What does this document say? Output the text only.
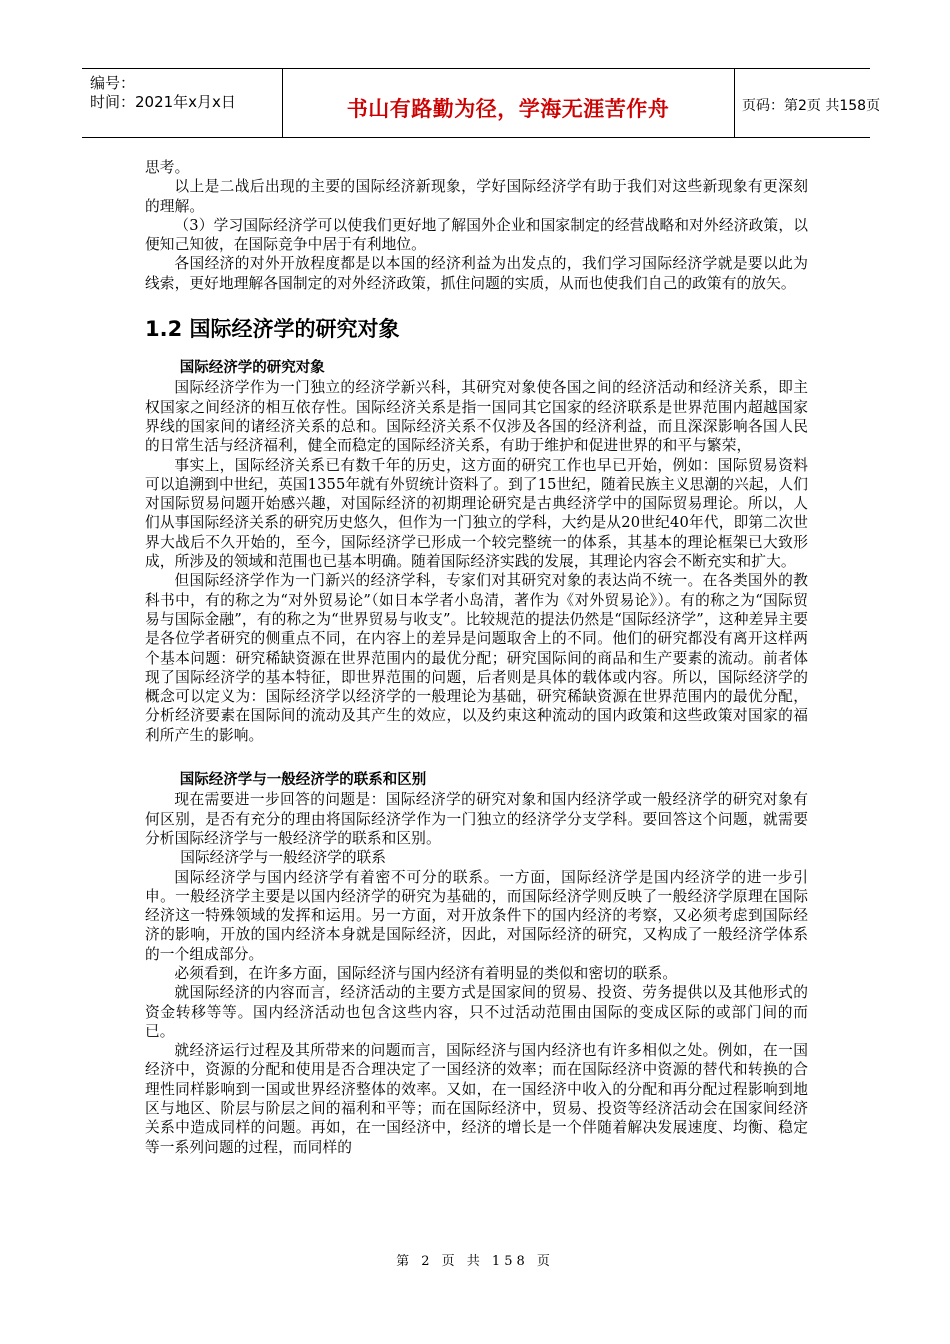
编号：
时间：2021年x月x日	书山有路勤为径，学海无涯苦作舟	页码：第2页 共158页

思考。

以上是二战后出现的主要的国际经济新现象，学好国际经济学有助于我们对这些新现象有更深刻的理解。

（3）学习国际经济学可以使我们更好地了解国外企业和国家制定的经营战略和对外经济政策，以便知己知彼，在国际竞争中居于有利地位。

各国经济的对外开放程度都是以本国的经济利益为出发点的，我们学习国际经济学就是要以此为线索，更好地理解各国制定的对外经济政策，抓住问题的实质，从而也使我们自己的政策有的放矢。

1.2 国际经济学的研究对象
国际经济学的研究对象

国际经济学作为一门独立的经济学新兴科，其研究对象使各国之间的经济活动和经济关系，即主权国家之间经济的相互依存性。国际经济关系是指一国同其它国家的经济联系是世界范围内超越国家界线的国家间的诸经济关系的总和。国际经济关系不仅涉及各国的经济利益，而且深深影响各国人民的日常生活与经济福利，健全而稳定的国际经济关系，有助于维护和促进世界的和平与繁荣，

事实上，国际经济关系已有数千年的历史，这方面的研究工作也早已开始，例如：国际贸易资料可以追溯到中世纪，英国1355年就有外贸统计资料了。到了15世纪，随着民族主义思潮的兴起，人们对国际贸易问题开始感兴趣，对国际经济的初期理论研究是古典经济学中的国际贸易理论。所以，人们从事国际经济关系的研究历史悠久，但作为一门独立的学科，大约是从20世纪40年代，即第二次世界大战后不久开始的，至今，国际经济学已形成一个较完整统一的体系，其基本的理论框架已大致形成，所涉及的领域和范围也已基本明确。随着国际经济实践的发展，其理论内容会不断充实和扩大。

但国际经济学作为一门新兴的经济学科，专家们对其研究对象的表达尚不统一。在各类国外的教科书中，有的称之为“对外贸易论”（如日本学者小岛清，著作为《对外贸易论》）。有的称之为“国际贸易与国际金融”，有的称之为“世界贸易与收支”。比较规范的提法仍然是“国际经济学”，这种差异主要是各位学者研究的侧重点不同，在内容上的差异是问题取舍上的不同。他们的研究都没有离开这样两个基本问题：研究稀缺资源在世界范围内的最优分配；研究国际间的商品和生产要素的流动。前者体现了国际经济学的基本特征，即世界范围的问题，后者则是具体的载体或内容。所以，国际经济学的概念可以定义为：国际经济学以经济学的一般理论为基础，研究稀缺资源在世界范围内的最优分配，分析经济要素在国际间的流动及其产生的效应，以及约束这种流动的国内政策和这些政策对国家的福利所产生的影响。

国际经济学与一般经济学的联系和区别

现在需要进一步回答的问题是：国际经济学的研究对象和国内经济学或一般经济学的研究对象有何区别，是否有充分的理由将国际经济学作为一门独立的经济学分支学科。要回答这个问题，就需要分析国际经济学与一般经济学的联系和区别。

国际经济学与一般经济学的联系

国际经济学与国内经济学有着密不可分的联系。一方面，国际经济学是国内经济学的进一步引申。一般经济学主要是以国内经济学的研究为基础的，而国际经济学则反映了一般经济学原理在国际经济这一特殊领域的发挥和运用。另一方面，对开放条件下的国内经济的考察，又必须考虑到国际经济的影响，开放的国内经济本身就是国际经济，因此，对国际经济的研究，又构成了一般经济学体系的一个组成部分。

必须看到，在许多方面，国际经济与国内经济有着明显的类似和密切的联系。

就国际经济的内容而言，经济活动的主要方式是国家间的贸易、投资、劳务提供以及其他形式的资金转移等等。国内经济活动也包含这些内容，只不过活动范围由国际的变成区际的或部门间的而已。

就经济运行过程及其所带来的问题而言，国际经济与国内经济也有许多相似之处。例如，在一国经济中，资源的分配和使用是否合理决定了一国经济的效率；而在国际经济中资源的替代和转换的合理性同样影响到一国或世界经济整体的效率。又如，在一国经济中收入的分配和再分配过程影响到地区与地区、阶层与阶层之间的福利和平等；而在国际经济中，贸易、投资等经济活动会在国家间经济关系中造成同样的问题。再如，在一国经济中，经济的增长是一个伴随着解决发展速度、均衡、稳定等一系列问题的过程，而同样的

第 2 页 共 158 页
